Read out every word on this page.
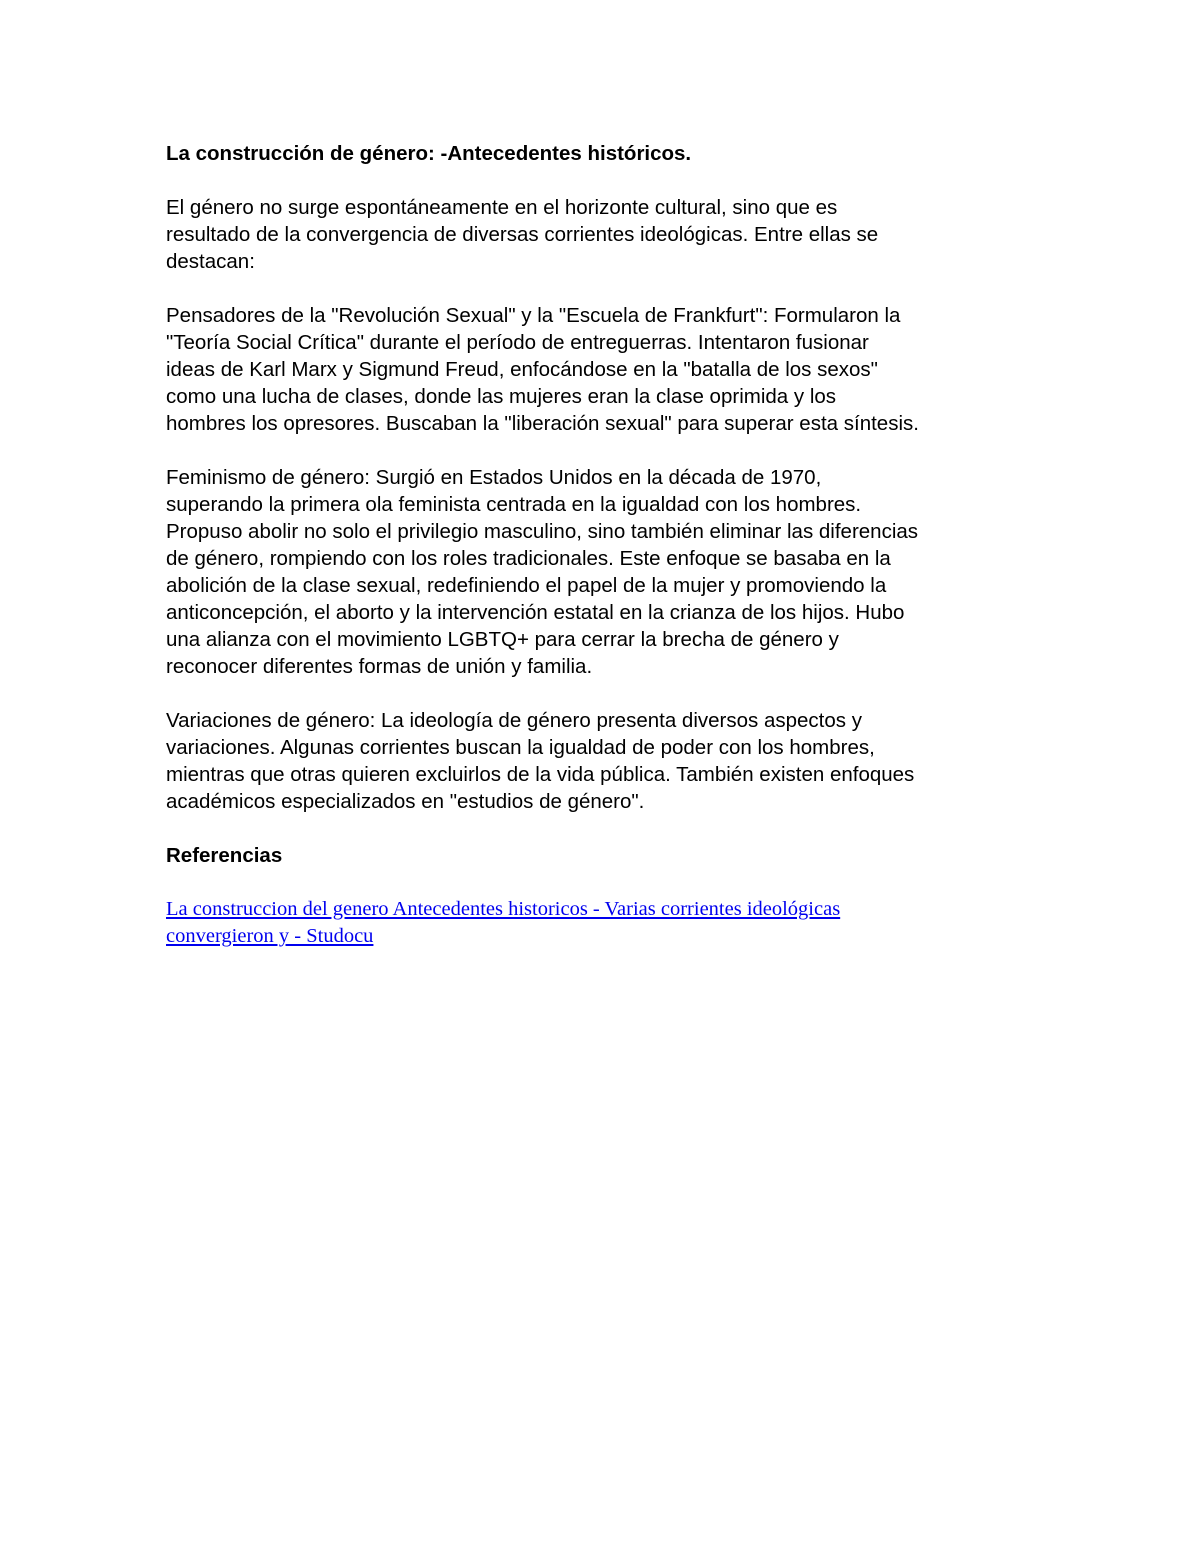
La construcción de género: -Antecedentes históricos.
El género no surge espontáneamente en el horizonte cultural, sino que es
resultado de la convergencia de diversas corrientes ideológicas. Entre ellas se
destacan:
Pensadores de la "Revolución Sexual" y la "Escuela de Frankfurt": Formularon la
"Teoría Social Crítica" durante el período de entreguerras. Intentaron fusionar
ideas de Karl Marx y Sigmund Freud, enfocándose en la "batalla de los sexos"
como una lucha de clases, donde las mujeres eran la clase oprimida y los
hombres los opresores. Buscaban la "liberación sexual" para superar esta síntesis.
Feminismo de género: Surgió en Estados Unidos en la década de 1970,
superando la primera ola feminista centrada en la igualdad con los hombres.
Propuso abolir no solo el privilegio masculino, sino también eliminar las diferencias
de género, rompiendo con los roles tradicionales. Este enfoque se basaba en la
abolición de la clase sexual, redefiniendo el papel de la mujer y promoviendo la
anticoncepción, el aborto y la intervención estatal en la crianza de los hijos. Hubo
una alianza con el movimiento LGBTQ+ para cerrar la brecha de género y
reconocer diferentes formas de unión y familia.
Variaciones de género: La ideología de género presenta diversos aspectos y
variaciones. Algunas corrientes buscan la igualdad de poder con los hombres,
mientras que otras quieren excluirlos de la vida pública. También existen enfoques
académicos especializados en "estudios de género".
Referencias
La construccion del genero Antecedentes historicos - Varias corrientes ideológicas
convergieron y - Studocu
